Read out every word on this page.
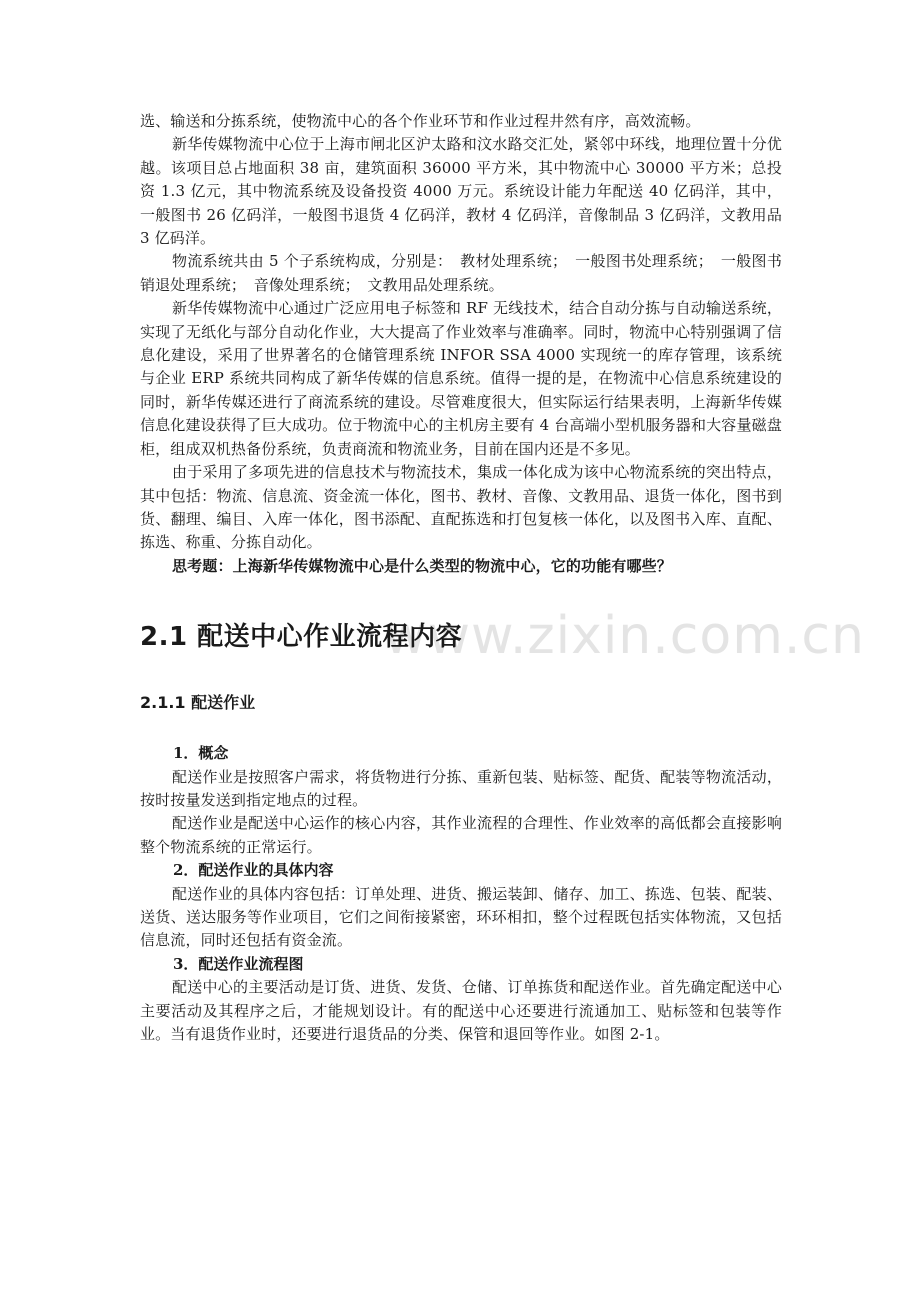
www.zixin.com.cn

选、输送和分拣系统，使物流中心的各个作业环节和作业过程井然有序，高效流畅。

新华传媒物流中心位于上海市闸北区沪太路和汶水路交汇处，紧邻中环线，地理位置十分优越。该项目总占地面积 38 亩，建筑面积 36000 平方米，其中物流中心 30000 平方米；总投资 1.3 亿元，其中物流系统及设备投资 4000 万元。系统设计能力年配送 40 亿码洋，其中，一般图书 26 亿码洋，一般图书退货 4 亿码洋，教材 4 亿码洋，音像制品 3 亿码洋，文教用品 3 亿码洋。

物流系统共由 5 个子系统构成，分别是：　教材处理系统；　一般图书处理系统；　一般图书销退处理系统；　音像处理系统；　文教用品处理系统。

新华传媒物流中心通过广泛应用电子标签和 RF 无线技术，结合自动分拣与自动输送系统，实现了无纸化与部分自动化作业，大大提高了作业效率与准确率。同时，物流中心特别强调了信息化建设，采用了世界著名的仓储管理系统 INFOR SSA 4000 实现统一的库存管理，该系统与企业 ERP 系统共同构成了新华传媒的信息系统。值得一提的是，在物流中心信息系统建设的同时，新华传媒还进行了商流系统的建设。尽管难度很大，但实际运行结果表明，上海新华传媒信息化建设获得了巨大成功。位于物流中心的主机房主要有 4 台高端小型机服务器和大容量磁盘柜，组成双机热备份系统，负责商流和物流业务，目前在国内还是不多见。

由于采用了多项先进的信息技术与物流技术，集成一体化成为该中心物流系统的突出特点，其中包括：物流、信息流、资金流一体化，图书、教材、音像、文教用品、退货一体化，图书到货、翻理、编目、入库一体化，图书添配、直配拣选和打包复核一体化，以及图书入库、直配、拣选、称重、分拣自动化。

思考题：上海新华传媒物流中心是什么类型的物流中心，它的功能有哪些？

2.1 配送中心作业流程内容
2.1.1 配送作业
1．概念

配送作业是按照客户需求，将货物进行分拣、重新包装、贴标签、配货、配装等物流活动，按时按量发送到指定地点的过程。

配送作业是配送中心运作的核心内容，其作业流程的合理性、作业效率的高低都会直接影响整个物流系统的正常运行。

2．配送作业的具体内容

配送作业的具体内容包括：订单处理、进货、搬运装卸、储存、加工、拣选、包装、配装、送货、送达服务等作业项目，它们之间衔接紧密，环环相扣，整个过程既包括实体物流，又包括信息流，同时还包括有资金流。

3．配送作业流程图

配送中心的主要活动是订货、进货、发货、仓储、订单拣货和配送作业。首先确定配送中心主要活动及其程序之后，才能规划设计。有的配送中心还要进行流通加工、贴标签和包装等作业。当有退货作业时，还要进行退货品的分类、保管和退回等作业。如图 2-1。
